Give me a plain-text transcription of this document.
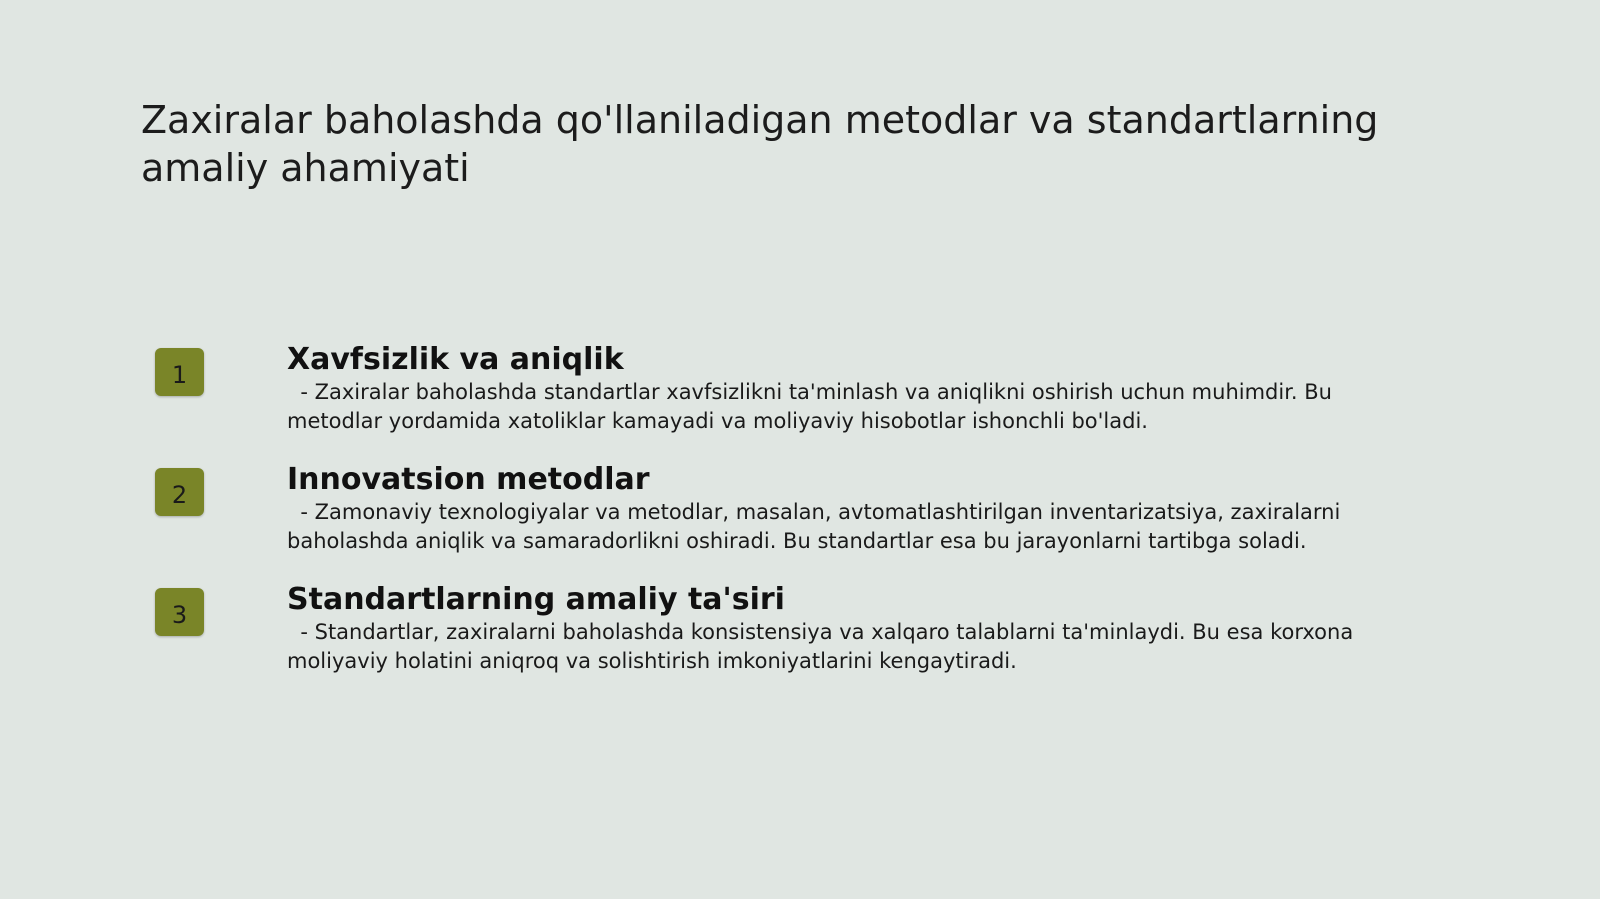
Zaxiralar baholashda qo'llaniladigan metodlar va standartlarning amaliy ahamiyati
1	Xavfsizlik va aniqlik

- Zaxiralar baholashda standartlar xavfsizlikni ta'minlash va aniqlikni oshirish uchun muhimdir. Bu metodlar yordamida xatoliklar kamayadi va moliyaviy hisobotlar ishonchli bo'ladi.

2	Innovatsion metodlar

- Zamonaviy texnologiyalar va metodlar, masalan, avtomatlashtirilgan inventarizatsiya, zaxiralarni baholashda aniqlik va samaradorlikni oshiradi. Bu standartlar esa bu jarayonlarni tartibga soladi.

3	Standartlarning amaliy ta'siri

- Standartlar, zaxiralarni baholashda konsistensiya va xalqaro talablarni ta'minlaydi. Bu esa korxona moliyaviy holatini aniqroq va solishtirish imkoniyatlarini kengaytiradi.
